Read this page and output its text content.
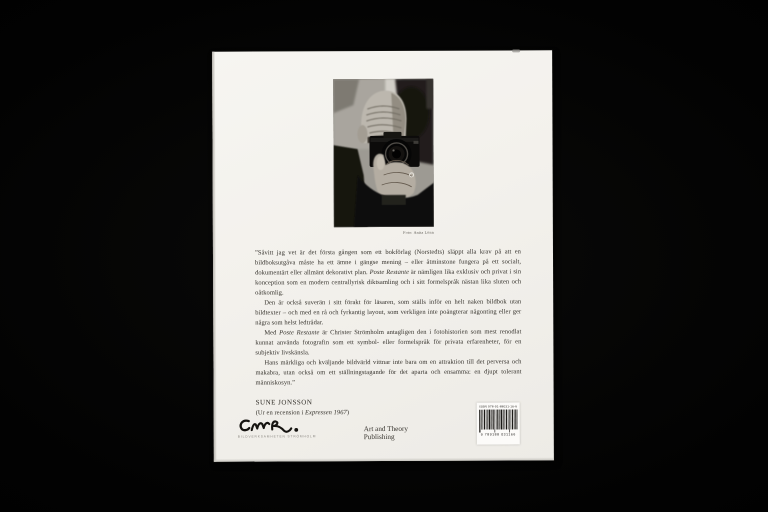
Foto: Anita Lönn

”Såvitt jag vet är det första gången som ett bokförlag (Norstedts) släppt alla krav på att en bildboksutgåva måste ha ett ämne i gängse mening – eller åtminstone fungera på ett socialt, dokumentärt eller allmänt dekorativt plan. Poste Restante är nämligen lika exklusiv och privat i sin konception som en modern centrallyrisk diktsamling och i sitt formelspråk nästan lika sluten och oåtkomlig.

Den är också suverän i sitt förakt för läsaren, som ställs inför en helt naken bildbok utan bildtexter – och med en rå och fyrkantig layout, som verkligen inte poängterar någonting eller ger några som helst ledtrådar.

Med Poste Restante är Christer Strömholm antagligen den i fotohistorien som mest renodlat kunnat använda fotografin som ett symbol- eller formelspråk för privata erfarenheter, för en subjektiv livskänsla.

Hans märkliga och kväljande bildvärld vittnar inte bara om en attraktion till det perversa och makabra, utan också om ett ställningstagande för det aparta och ensamma: en djupt tolerant människosyn.”

SUNE JONSSON
(Ur en recension i Expressen 1967)
BILDVERKSAMHETEN STRÖMHOLM
Art and Theory
Publishing
ISBN 978-91-88031-16-6
9 789188 031166
